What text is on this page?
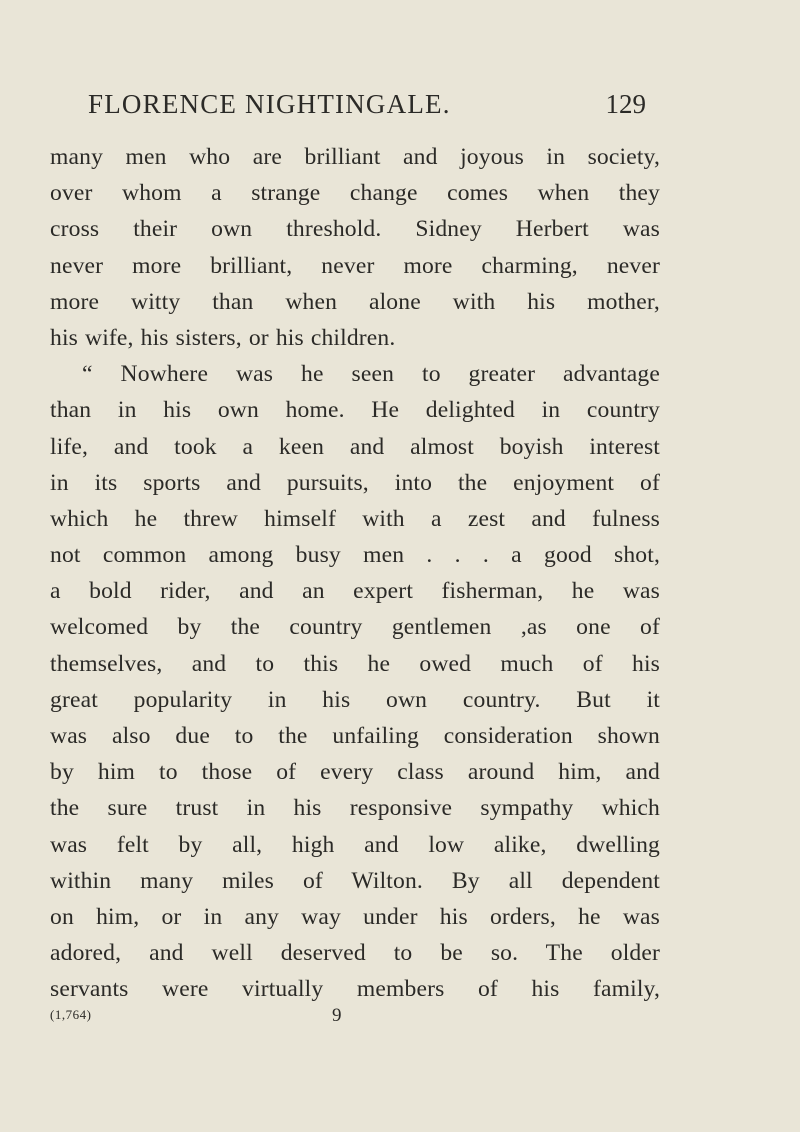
FLORENCE NIGHTINGALE.	129
many men who are brilliant and joyous in society,
over whom a strange change comes when they
cross their own threshold. Sidney Herbert was
never more brilliant, never more charming, never
more witty than when alone with his mother,
his wife, his sisters, or his children.
“ Nowhere was he seen to greater advantage
than in his own home. He delighted in country
life, and took a keen and almost boyish interest
in its sports and pursuits, into the enjoyment of
which he threw himself with a zest and fulness
not common among busy men . . . a good shot,
a bold rider, and an expert fisherman, he was
welcomed by the country gentlemen ,as one of
themselves, and to this he owed much of his
great popularity in his own country. But it
was also due to the unfailing consideration shown
by him to those of every class around him, and
the sure trust in his responsive sympathy which
was felt by all, high and low alike, dwelling
within many miles of Wilton. By all dependent
on him, or in any way under his orders, he was
adored, and well deserved to be so. The older
servants were virtually members of his family,
(1,764)	9
